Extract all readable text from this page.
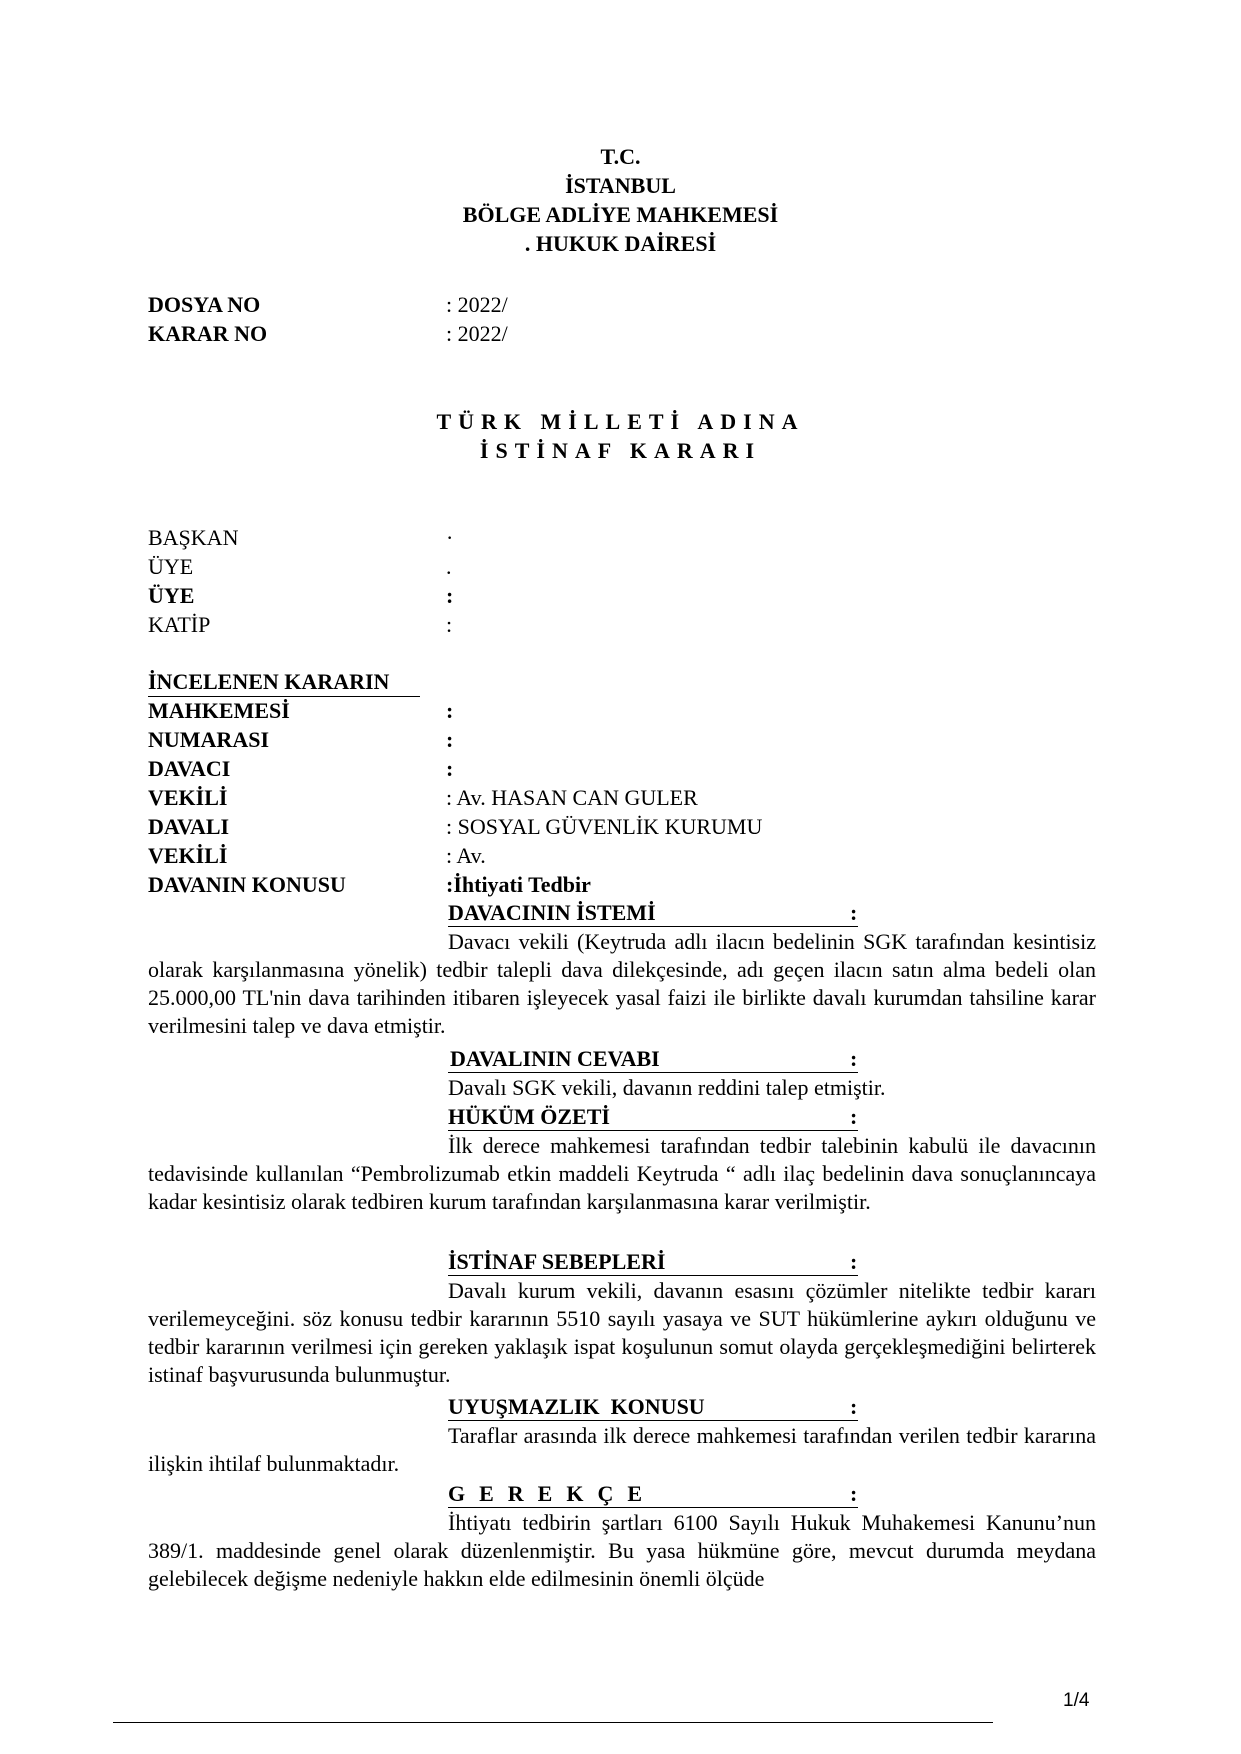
T.C.
İSTANBUL
BÖLGE ADLİYE MAHKEMESİ
. HUKUK DAİRESİ
DOSYA NO	: 2022/
KARAR NO	: 2022/
TÜRK MİLLETİ ADINA
İSTİNAF KARARI
BAŞKAN	·
ÜYE	.
ÜYE	:
KATİP	:
İNCELENEN KARARIN
MAHKEMESİ	:
NUMARASI	:
DAVACI	:
VEKİLİ	: Av. HASAN CAN GULER
DAVALI	: SOSYAL GÜVENLİK KURUMU
VEKİLİ	: Av.
DAVANIN KONUSU	:İhtiyati Tedbir
DAVACININ İSTEMİ	:
Davacı vekili (Keytruda adlı ilacın bedelinin SGK tarafından kesintisiz olarak karşılanmasına yönelik) tedbir talepli dava dilekçesinde, adı geçen ilacın satın alma bedeli olan 25.000,00 TL'nin dava tarihinden itibaren işleyecek yasal faizi ile birlikte davalı kurumdan tahsiline karar verilmesini talep ve dava etmiştir.
DAVALININ CEVABI	:
Davalı SGK vekili, davanın reddini talep etmiştir.
HÜKÜM ÖZETİ	:
İlk derece mahkemesi tarafından tedbir talebinin kabulü ile davacının tedavisinde kullanılan “Pembrolizumab etkin maddeli Keytruda “ adlı ilaç bedelinin dava sonuçlanıncaya kadar kesintisiz olarak tedbiren kurum tarafından karşılanmasına karar verilmiştir.
İSTİNAF SEBEPLERİ	:
Davalı kurum vekili, davanın esasını çözümler nitelikte tedbir kararı verilemeyceğini. söz konusu tedbir kararının 5510 sayılı yasaya ve SUT hükümlerine aykırı olduğunu ve tedbir kararının verilmesi için gereken yaklaşık ispat koşulunun somut olayda gerçekleşmediğini belirterek istinaf başvurusunda bulunmuştur.
UYUŞMAZLIK  KONUSU	:
Taraflar arasında ilk derece mahkemesi tarafından verilen tedbir kararına ilişkin ihtilaf bulunmaktadır.
GEREKÇE	:
İhtiyatı tedbirin şartları 6100 Sayılı Hukuk Muhakemesi Kanunu’nun 389/1. maddesinde genel olarak düzenlenmiştir. Bu yasa hükmüne göre, mevcut durumda meydana gelebilecek değişme nedeniyle hakkın elde edilmesinin önemli ölçüde
1/4
